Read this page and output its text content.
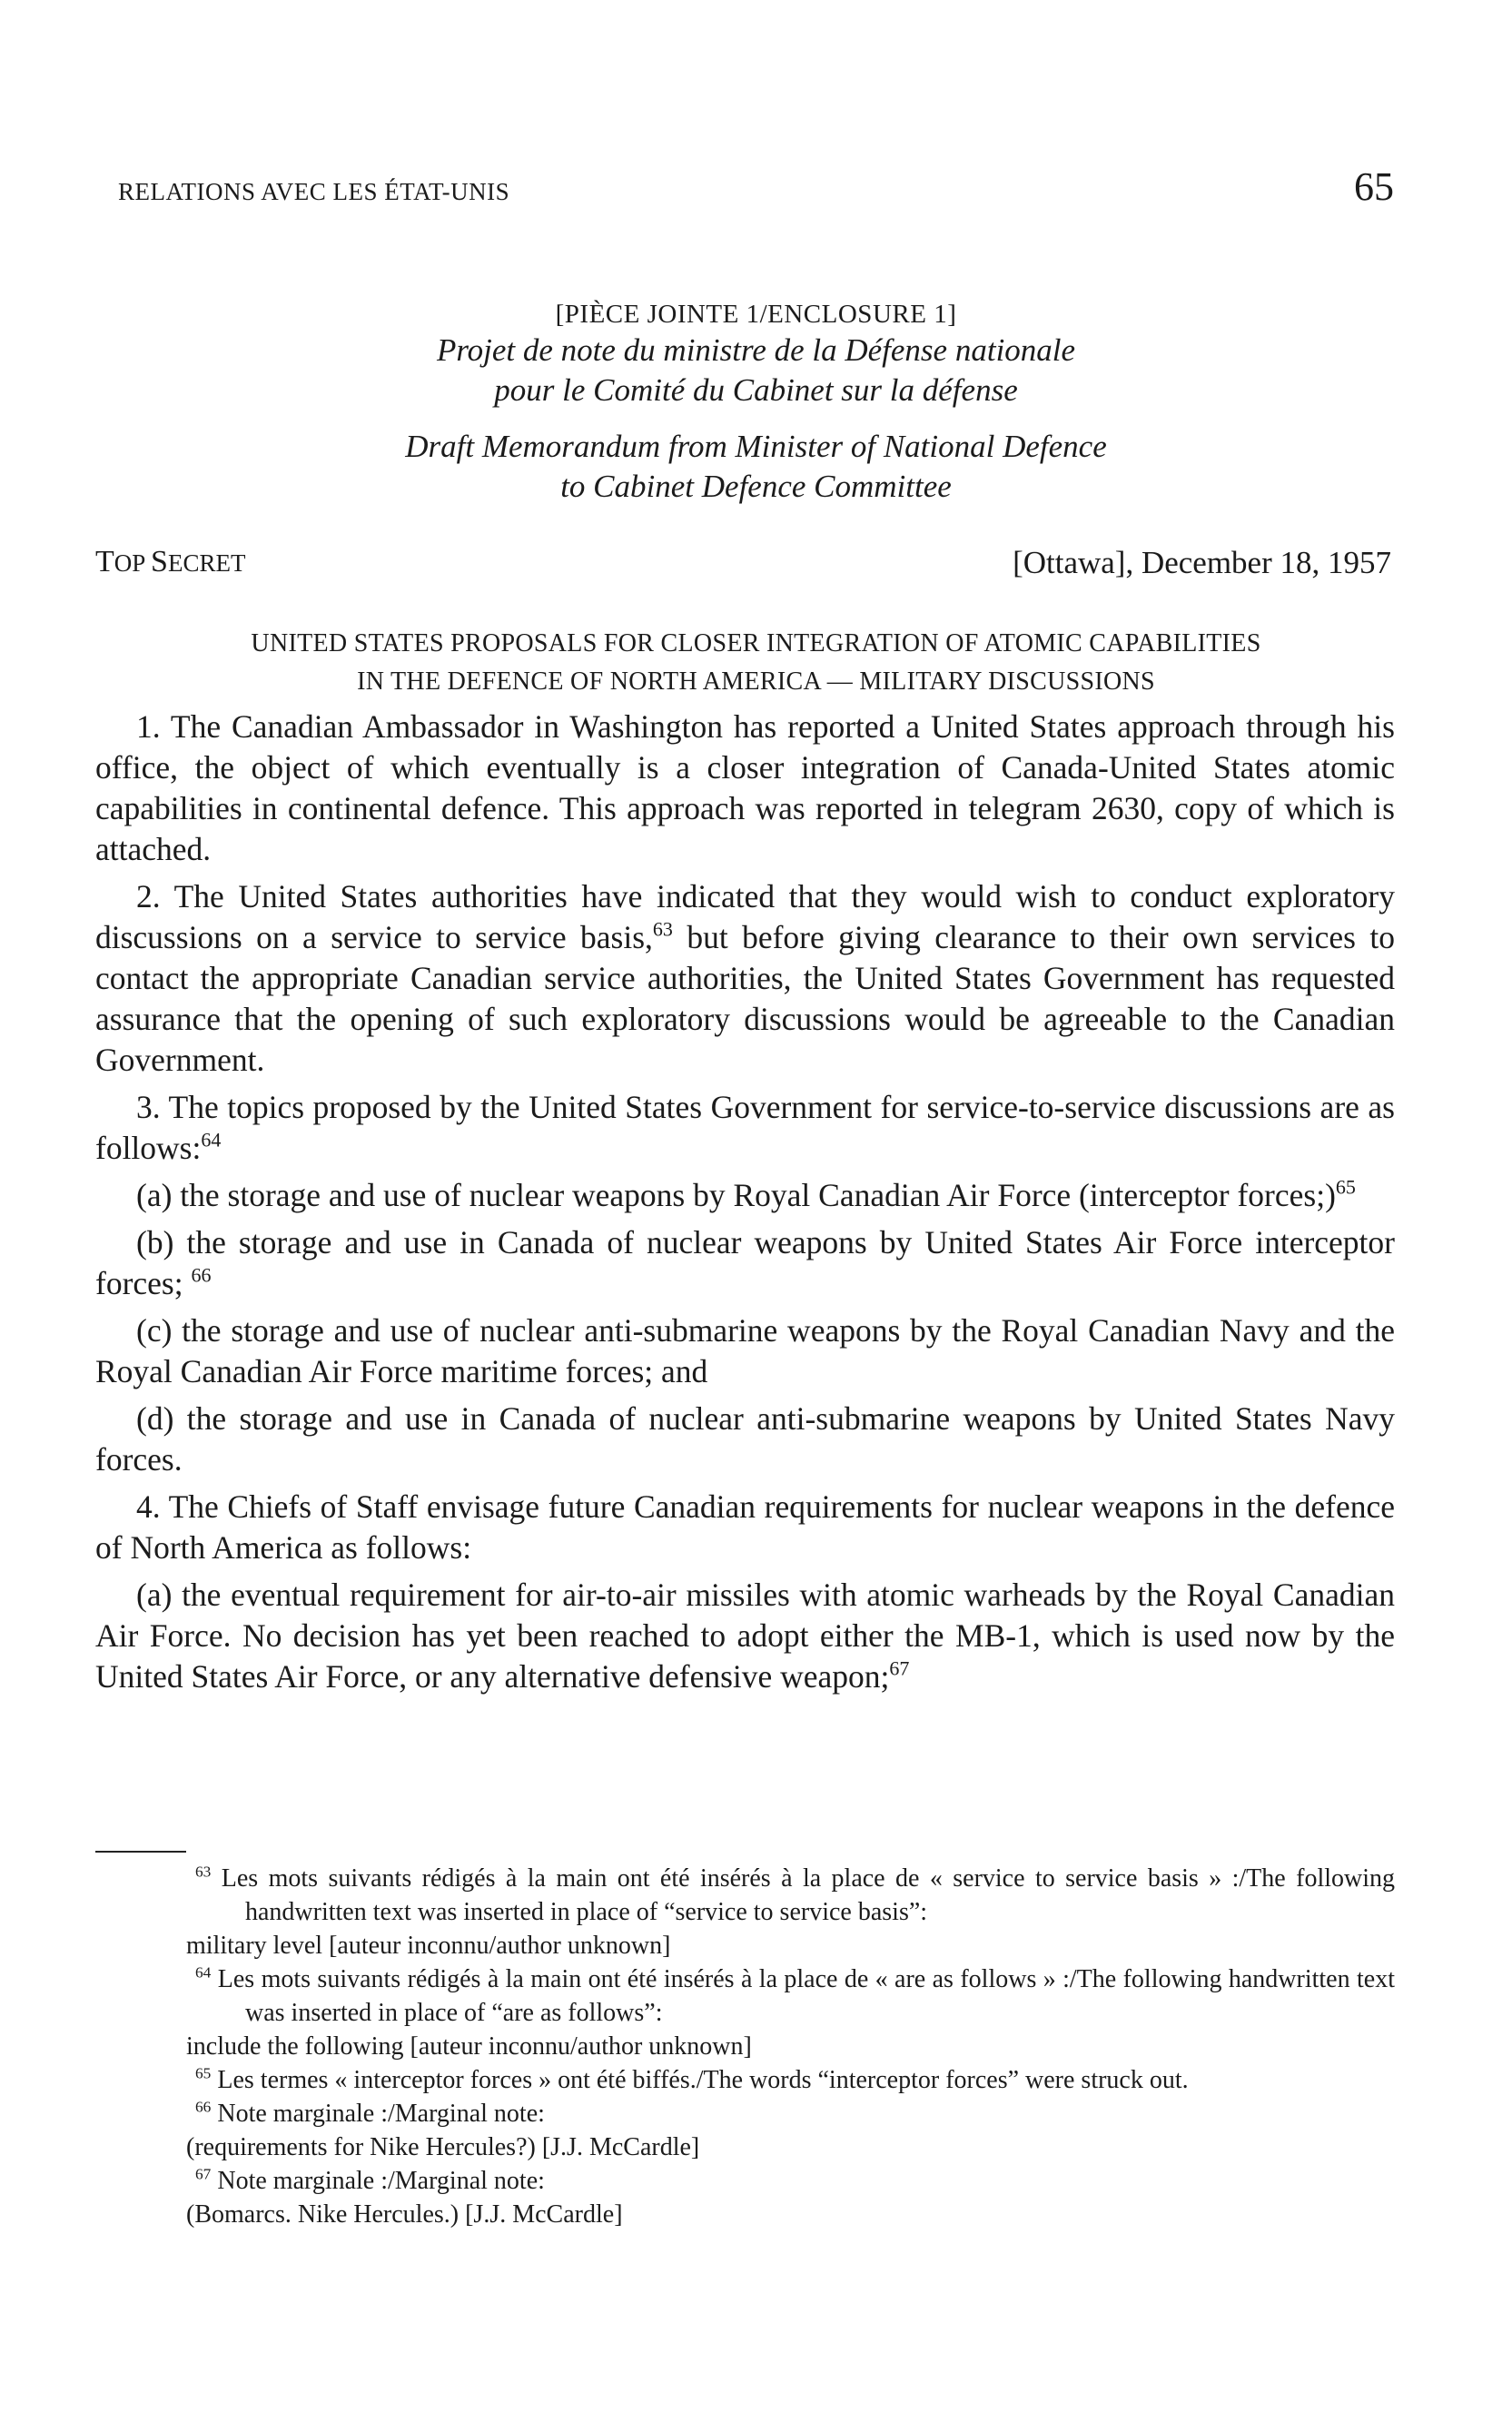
RELATIONS AVEC LES ÉTAT-UNIS	65
[PIÈCE JOINTE 1/ENCLOSURE 1]
Projet de note du ministre de la Défense nationale
pour le Comité du Cabinet sur la défense
Draft Memorandum from Minister of National Defence
to Cabinet Defence Committee
TOP SECRET	[Ottawa], December 18, 1957
UNITED STATES PROPOSALS FOR CLOSER INTEGRATION OF ATOMIC CAPABILITIES
IN THE DEFENCE OF NORTH AMERICA — MILITARY DISCUSSIONS

1. The Canadian Ambassador in Washington has reported a United States approach through his office, the object of which eventually is a closer integration of Canada-United States atomic capabilities in continental defence. This approach was reported in telegram 2630, copy of which is attached.

2. The United States authorities have indicated that they would wish to conduct exploratory discussions on a service to service basis,$^{63}$ but before giving clearance to their own services to contact the appropriate Canadian service authorities, the United States Government has requested assurance that the opening of such exploratory discussions would be agreeable to the Canadian Government.

3. The topics proposed by the United States Government for service-to-service discussions are as follows:$^{64}$

(a) the storage and use of nuclear weapons by Royal Canadian Air Force (interceptor forces;)$^{65}$

(b) the storage and use in Canada of nuclear weapons by United States Air Force interceptor forces; $^{66}$

(c) the storage and use of nuclear anti-submarine weapons by the Royal Canadian Navy and the Royal Canadian Air Force maritime forces; and

(d) the storage and use in Canada of nuclear anti-submarine weapons by United States Navy forces.

4. The Chiefs of Staff envisage future Canadian requirements for nuclear weapons in the defence of North America as follows:

(a) the eventual requirement for air-to-air missiles with atomic warheads by the Royal Canadian Air Force. No decision has yet been reached to adopt either the MB-1, which is used now by the United States Air Force, or any alternative defensive weapon;$^{67}$

$^{63}$ Les mots suivants rédigés à la main ont été insérés à la place de « service to service basis » :/The following handwritten text was inserted in place of “service to service basis”:
military level [auteur inconnu/author unknown]

$^{64}$ Les mots suivants rédigés à la main ont été insérés à la place de « are as follows » :/The following handwritten text was inserted in place of “are as follows”:
include the following [auteur inconnu/author unknown]

$^{65}$ Les termes « interceptor forces » ont été biffés./The words “interceptor forces” were struck out.

$^{66}$ Note marginale :/Marginal note:
(requirements for Nike Hercules?) [J.J. McCardle]

$^{67}$ Note marginale :/Marginal note:
(Bomarcs. Nike Hercules.) [J.J. McCardle]
